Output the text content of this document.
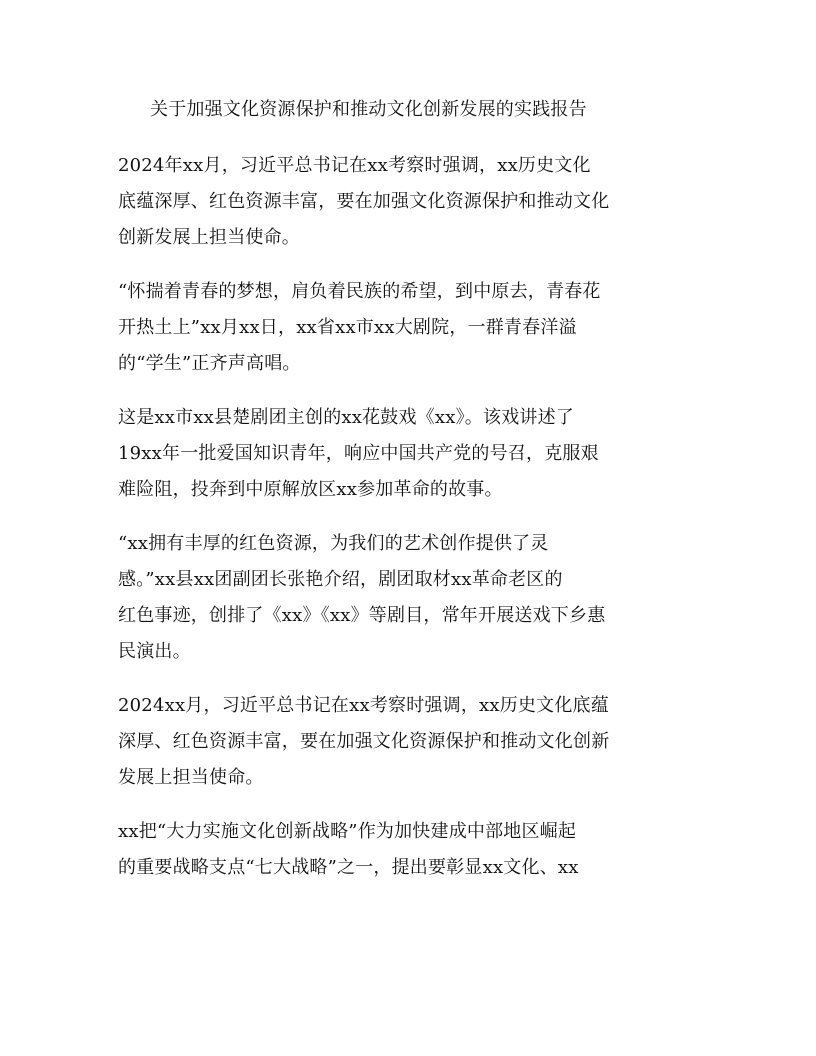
关于加强文化资源保护和推动文化创新发展的实践报告
2024年xx月，习近平总书记在xx考察时强调，xx历史文化
底蕴深厚、红色资源丰富，要在加强文化资源保护和推动文化
创新发展上担当使命。
“怀揣着青春的梦想，肩负着民族的希望，到中原去，青春花
开热土上”xx月xx日，xx省xx市xx大剧院，一群青春洋溢
的“学生”正齐声高唱。
这是xx市xx县楚剧团主创的xx花鼓戏《xx》。该戏讲述了
19xx年一批爱国知识青年，响应中国共产党的号召，克服艰
难险阻，投奔到中原解放区xx参加革命的故事。
“xx拥有丰厚的红色资源，为我们的艺术创作提供了灵
感。”xx县xx团副团长张艳介绍，剧团取材xx革命老区的
红色事迹，创排了《xx》《xx》等剧目，常年开展送戏下乡惠
民演出。
2024xx月，习近平总书记在xx考察时强调，xx历史文化底蕴
深厚、红色资源丰富，要在加强文化资源保护和推动文化创新
发展上担当使命。
xx把“大力实施文化创新战略”作为加快建成中部地区崛起
的重要战略支点“七大战略”之一，提出要彰显xx文化、xx
